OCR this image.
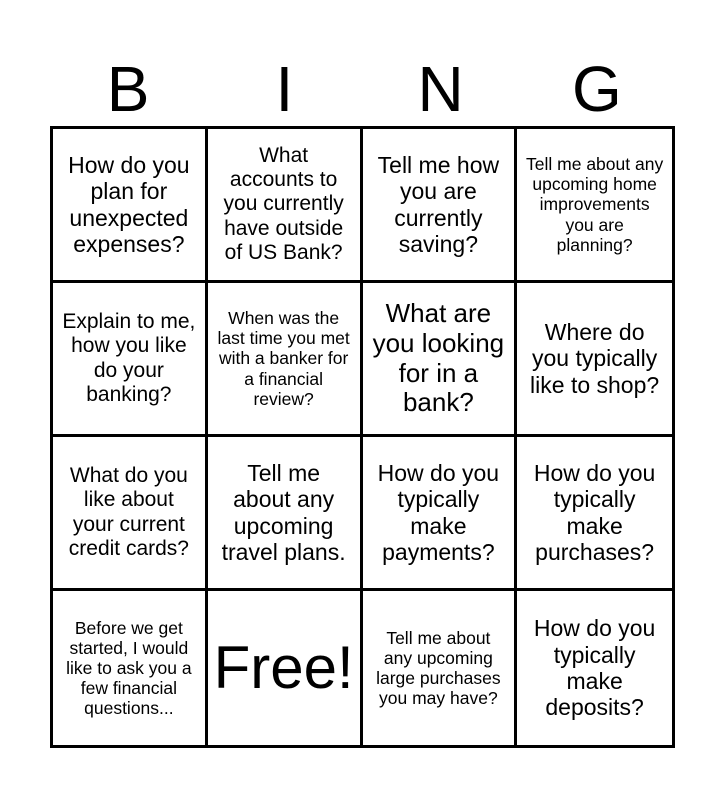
B	I	N	G
How do you plan for unexpected expenses?
What accounts to you currently have outside of US Bank?
Tell me how you are currently saving?
Tell me about any upcoming home improvements you are planning?
Explain to me, how you like do your banking?
When was the last time you met with a banker for a financial review?
What are you looking for in a bank?
Where do you typically like to shop?
What do you like about your current credit cards?
Tell me about any upcoming travel plans.
How do you typically make payments?
How do you typically make purchases?
Before we get started, I would like to ask you a few financial questions...
Free!	Tell me about any upcoming large purchases you may have?
How do you typically make deposits?
